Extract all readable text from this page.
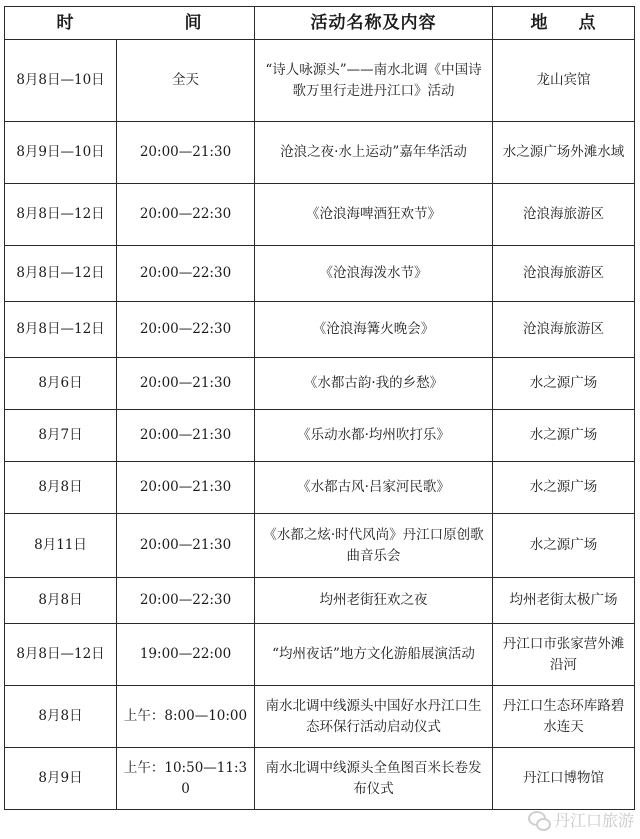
时 间		活动名称及内容	地 点
8月8日—10日	全天	“诗人咏源头”——南水北调《中国诗歌万里行走进丹江口》活动	龙山宾馆
8月9日—10日	20:00—21:30	沧浪之夜·水上运动”嘉年华活动	水之源广场外滩水域
8月8日—12日	20:00—22:30	《沧浪海啤酒狂欢节》	沧浪海旅游区
8月8日—12日	20:00—22:30	《沧浪海泼水节》	沧浪海旅游区
8月8日—12日	20:00—22:30	《沧浪海篝火晚会》	沧浪海旅游区
8月6日	20:00—21:30	《水都古韵·我的乡愁》	水之源广场
8月7日	20:00—21:30	《乐动水都·均州吹打乐》	水之源广场
8月8日	20:00—21:30	《水都古风·吕家河民歌》	水之源广场
8月11日	20:00—21:30	《水都之炫·时代风尚》丹江口原创歌曲音乐会	水之源广场
8月8日	20:00—22:30	均州老街狂欢之夜	均州老街太极广场
8月8日—12日	19:00—22:00	“均州夜话”地方文化游船展演活动	丹江口市张家营外滩沿河
8月8日	上午：8:00—10:00	南水北调中线源头中国好水丹江口生态环保行活动启动仪式	丹江口生态环库路碧水连天
8月9日	上午：10:50—11:30	南水北调中线源头全鱼图百米长卷发布仪式	丹江口博物馆
丹江口旅游
